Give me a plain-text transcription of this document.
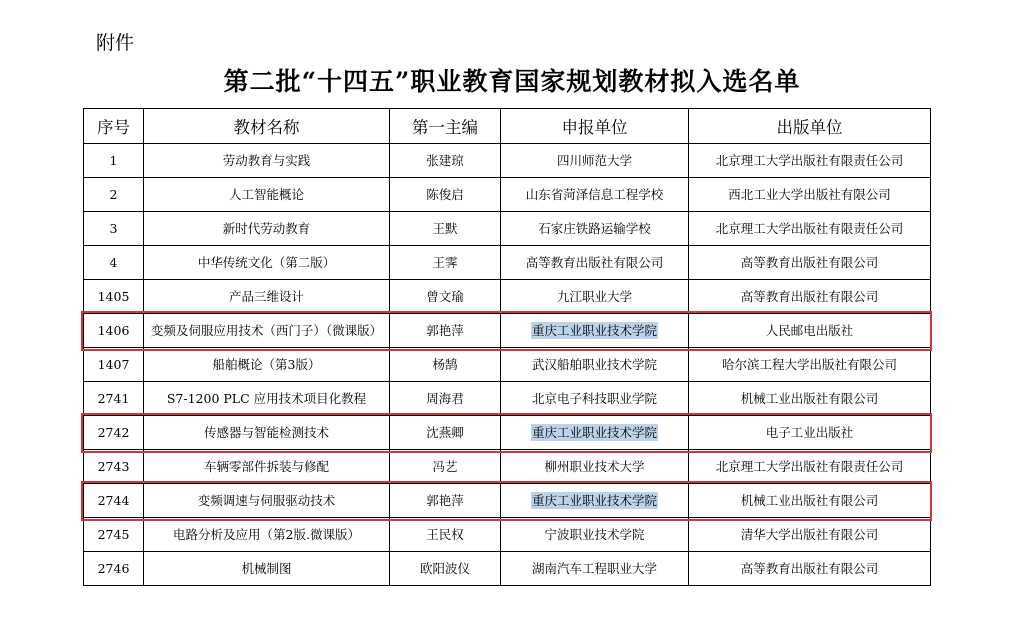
附件
第二批“十四五”职业教育国家规划教材拟入选名单
序号	教材名称	第一主编	申报单位	出版单位
1	劳动教育与实践	张建琼	四川师范大学	北京理工大学出版社有限责任公司
2	人工智能概论	陈俊启	山东省菏泽信息工程学校	西北工业大学出版社有限公司
3	新时代劳动教育	王默	石家庄铁路运输学校	北京理工大学出版社有限责任公司
4	中华传统文化（第二版）	王霁	高等教育出版社有限公司	高等教育出版社有限公司
1405	产品三维设计	曾文瑜	九江职业大学	高等教育出版社有限公司
1406	变频及伺服应用技术（西门子）（微课版）	郭艳萍	重庆工业职业技术学院	人民邮电出版社
1407	船舶概论（第3版）	杨鹄	武汉船舶职业技术学院	哈尔滨工程大学出版社有限公司
2741	S7-1200 PLC 应用技术项目化教程	周海君	北京电子科技职业学院	机械工业出版社有限公司
2742	传感器与智能检测技术	沈燕卿	重庆工业职业技术学院	电子工业出版社
2743	车辆零部件拆装与修配	冯艺	柳州职业技术大学	北京理工大学出版社有限责任公司
2744	变频调速与伺服驱动技术	郭艳萍	重庆工业职业技术学院	机械工业出版社有限公司
2745	电路分析及应用（第2版.微课版）	王民权	宁波职业技术学院	清华大学出版社有限公司
2746	机械制图	欧阳波仪	湖南汽车工程职业大学	高等教育出版社有限公司
